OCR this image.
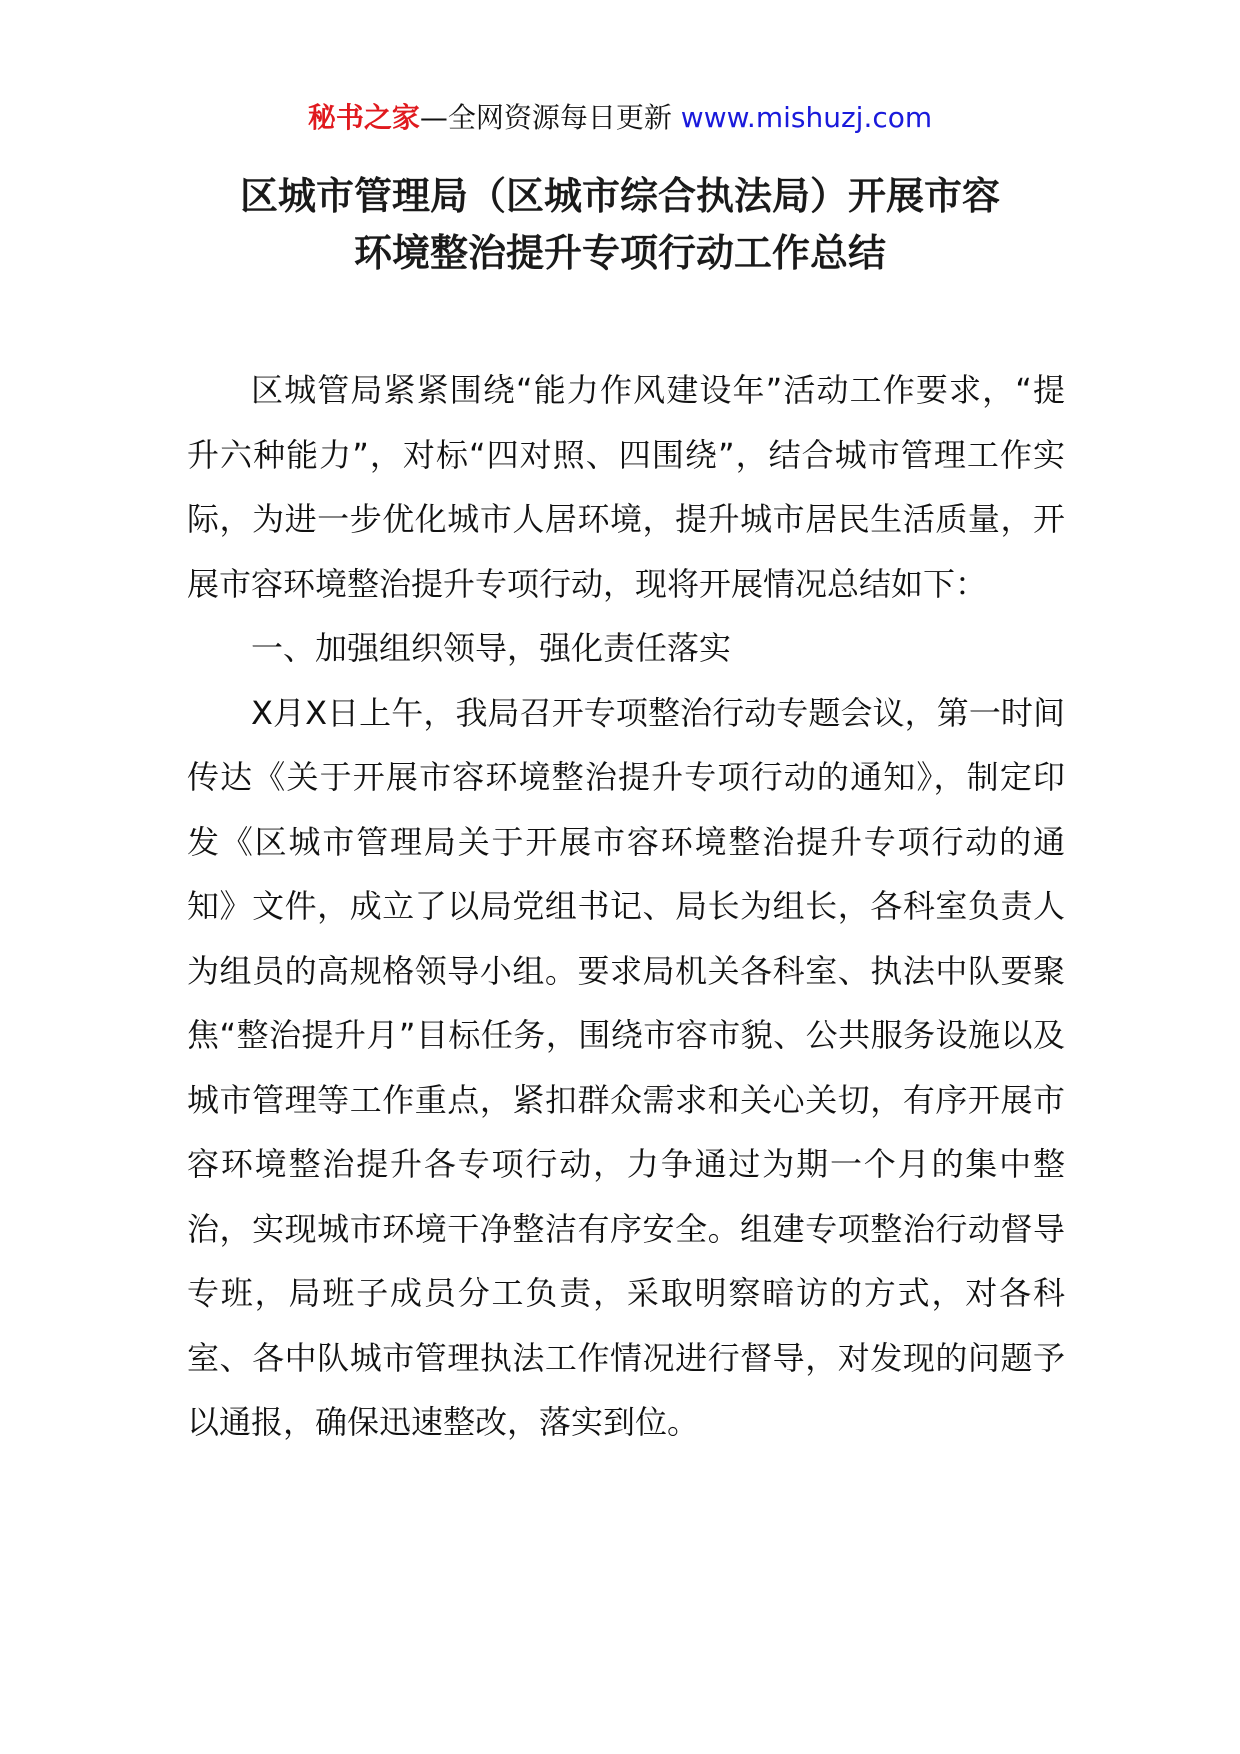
秘书之家—全网资源每日更新 www.mishuzj.com
区城市管理局（区城市综合执法局）开展市容
环境整治提升专项行动工作总结

区城管局紧紧围绕“能力作风建设年”活动工作要求，“提升六种能力”，对标“四对照、四围绕”，结合城市管理工作实际，为进一步优化城市人居环境，提升城市居民生活质量，开展市容环境整治提升专项行动，现将开展情况总结如下：

一、加强组织领导，强化责任落实

X月X日上午，我局召开专项整治行动专题会议，第一时间传达《关于开展市容环境整治提升专项行动的通知》，制定印发《区城市管理局关于开展市容环境整治提升专项行动的通知》文件，成立了以局党组书记、局长为组长，各科室负责人为组员的高规格领导小组。要求局机关各科室、执法中队要聚焦“整治提升月”目标任务，围绕市容市貌、公共服务设施以及城市管理等工作重点，紧扣群众需求和关心关切，有序开展市容环境整治提升各专项行动，力争通过为期一个月的集中整治，实现城市环境干净整洁有序安全。组建专项整治行动督导专班，局班子成员分工负责，采取明察暗访的方式，对各科室、各中队城市管理执法工作情况进行督导，对发现的问题予以通报，确保迅速整改，落实到位。
